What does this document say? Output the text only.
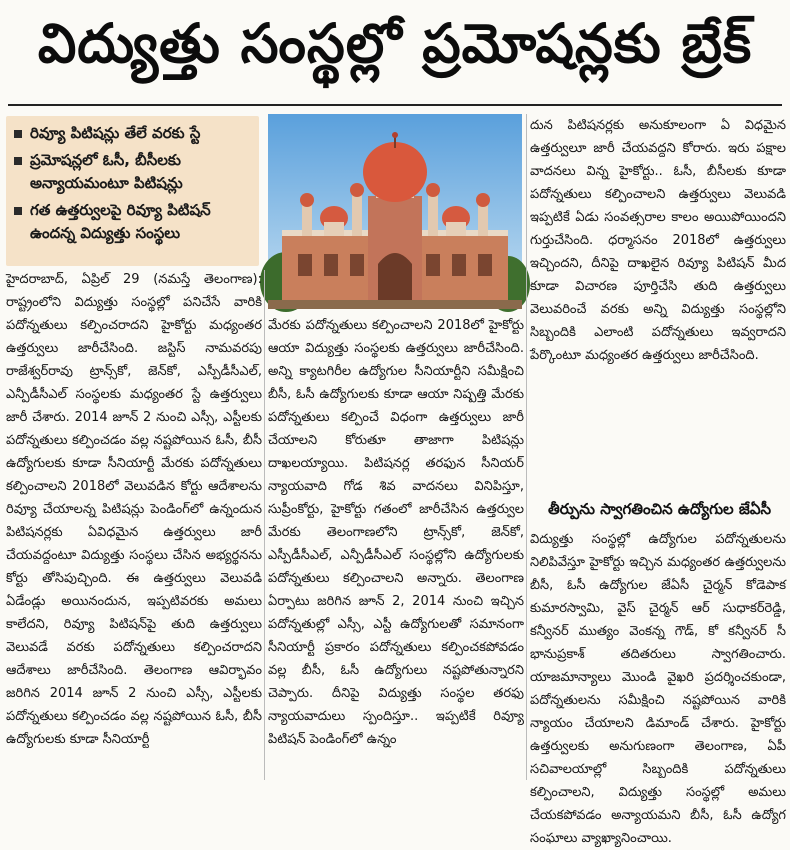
విద్యుత్తు సంస్థల్లో ప్రమోషన్లకు బ్రేక్
రివ్యూ పిటిషన్లు తేలే వరకు స్టే
ప్రమోషన్లలో ఓసీ, బీసీలకు అన్యాయమంటూ పిటిషన్లు
గత ఉత్తర్వులపై రివ్యూ పిటిషన్ ఉందన్న విద్యుత్తు సంస్థలు

హైదరాబాద్, ఏప్రిల్ 29 (నమస్తే తెలంగాణ): రాష్ట్రంలోని విద్యుత్తు సంస్థల్లో పనిచేసే వారికి పదోన్నతులు కల్పించరాదని హైకోర్టు మధ్యంతర ఉత్తర్వులు జారీచేసింది. జస్టిస్ నామవరపు రాజేశ్వర్‌రావు ట్రాన్స్‌కో, జెన్‌కో, ఎస్పీడీసీఎల్, ఎన్పీడీసీఎల్ సంస్థలకు మధ్యంతర స్టే ఉత్తర్వులు జారీ చేశారు. 2014 జూన్ 2 నుంచి ఎస్సీ, ఎస్టీలకు పదోన్నతులు కల్పించడం వల్ల నష్టపోయిన ఓసీ, బీసీ ఉద్యోగులకు కూడా సీనియార్టీ మేరకు పదోన్నతులు కల్పించాలని 2018లో వెలువడిన కోర్టు ఆదేశాలను రివ్యూ చేయాలన్న పిటిషన్లు పెండింగ్‌లో ఉన్నందున పిటిషనర్లకు ఏవిధమైన ఉత్తర్వులు జారీ చేయవద్దంటూ విద్యుత్తు సంస్థలు చేసిన అభ్యర్థనను కోర్టు తోసిపుచ్చింది. ఈ ఉత్తర్వులు వెలువడి ఏడేండ్లు అయినందున, ఇప్పటివరకు అమలు కాలేదని, రివ్యూ పిటిషన్‌పై తుది ఉత్తర్వులు వెలువడే వరకు పదోన్నతులు కల్పించరాదని ఆదేశాలు జారీచేసింది. తెలంగాణ ఆవిర్భావం జరిగిన 2014 జూన్ 2 నుంచి ఎస్సీ, ఎస్టీలకు పదోన్నతులు కల్పించడం వల్ల నష్టపోయిన ఓసీ, బీసీ ఉద్యోగులకు కూడా సీనియార్టీ

మేరకు పదోన్నతులు కల్పించాలని 2018లో హైకోర్టు ఆయా విద్యుత్తు సంస్థలకు ఉత్తర్వులు జారీచేసింది. అన్ని క్యాటగిరీల ఉద్యోగుల సీనియార్టీని సమీక్షించి బీసీ, ఓసీ ఉద్యోగులకు కూడా ఆయా నిష్పత్తి మేరకు పదోన్నతులు కల్పించే విధంగా ఉత్తర్వులు జారీ చేయాలని కోరుతూ తాజాగా పిటిషన్లు దాఖలయ్యాయి. పిటిషనర్ల తరఫున సీనియర్ న్యాయవాది గోడ శివ వాదనలు వినిపిస్తూ, సుప్రీంకోర్టు, హైకోర్టు గతంలో జారీచేసిన ఉత్తర్వుల మేరకు తెలంగాణలోని ట్రాన్స్‌కో, జెన్‌కో, ఎస్పీడీసీఎల్, ఎన్పీడీసీఎల్ సంస్థల్లోని ఉద్యోగులకు పదోన్నతులు కల్పించాలని అన్నారు. తెలంగాణ ఏర్పాటు జరిగిన జూన్ 2, 2014 నుంచి ఇచ్చిన పదోన్నతుల్లో ఎస్సీ, ఎస్టీ ఉద్యోగులతో సమానంగా సీనియార్టీ ప్రకారం పదోన్నతులు కల్పించకపోవడం వల్ల బీసీ, ఓసీ ఉద్యోగులు నష్టపోతున్నారని చెప్పారు. దీనిపై విద్యుత్తు సంస్థల తరఫు న్యాయవాదులు స్పందిస్తూ.. ఇప్పటికే రివ్యూ పిటిషన్ పెండింగ్‌లో ఉన్నం

దున పిటిషనర్లకు అనుకూలంగా ఏ విధమైన ఉత్తర్వులూ జారీ చేయవద్దని కోరారు. ఇరు పక్షాల వాదనలు విన్న హైకోర్టు.. ఓసీ, బీసీలకు కూడా పదోన్నతులు కల్పించాలని ఉత్తర్వులు వెలువడి ఇప్పటికే ఏడు సంవత్సరాల కాలం అయిపోయిందని గుర్తుచేసింది. ధర్మాసనం 2018లో ఉత్తర్వులు ఇచ్చిందని, దీనిపై దాఖలైన రివ్యూ పిటిషన్ మీద కూడా విచారణ పూర్తిచేసి తుది ఉత్తర్వులు వెలువరించే వరకు అన్ని విద్యుత్తు సంస్థల్లోని సిబ్బందికి ఎలాంటి పదోన్నతులు ఇవ్వరాదని పేర్కొంటూ మధ్యంతర ఉత్తర్వులు జారీచేసింది.

తీర్పును స్వాగతించిన ఉద్యోగుల జేఏసీ

విద్యుత్తు సంస్థల్లో ఉద్యోగుల పదోన్నతులను నిలిపివేస్తూ హైకోర్టు ఇచ్చిన మధ్యంతర ఉత్తర్వులను బీసీ, ఓసీ ఉద్యోగుల జేఏసీ చైర్మన్ కోడెపాక కుమారస్వామి, వైస్ చైర్మన్ ఆర్ సుధాకర్‌రెడ్డి, కన్వీనర్ ముత్యం వెంకన్న గౌడ్, కో కన్వీనర్ సీ భానుప్రకాశ్ తదితరులు స్వాగతించారు. యాజమాన్యాలు మొండి వైఖరి ప్రదర్శించకుండా, పదోన్నతులను సమీక్షించి నష్టపోయిన వారికి న్యాయం చేయాలని డిమాండ్ చేశారు. హైకోర్టు ఉత్తర్వులకు అనుగుణంగా తెలంగాణ, ఏపీ సచివాలయాల్లో సిబ్బందికి పదోన్నతులు కల్పించాలని, విద్యుత్తు సంస్థల్లో అమలు చేయకపోవడం అన్యాయమని బీసీ, ఓసీ ఉద్యోగ సంఘాలు వ్యాఖ్యానించాయి.
